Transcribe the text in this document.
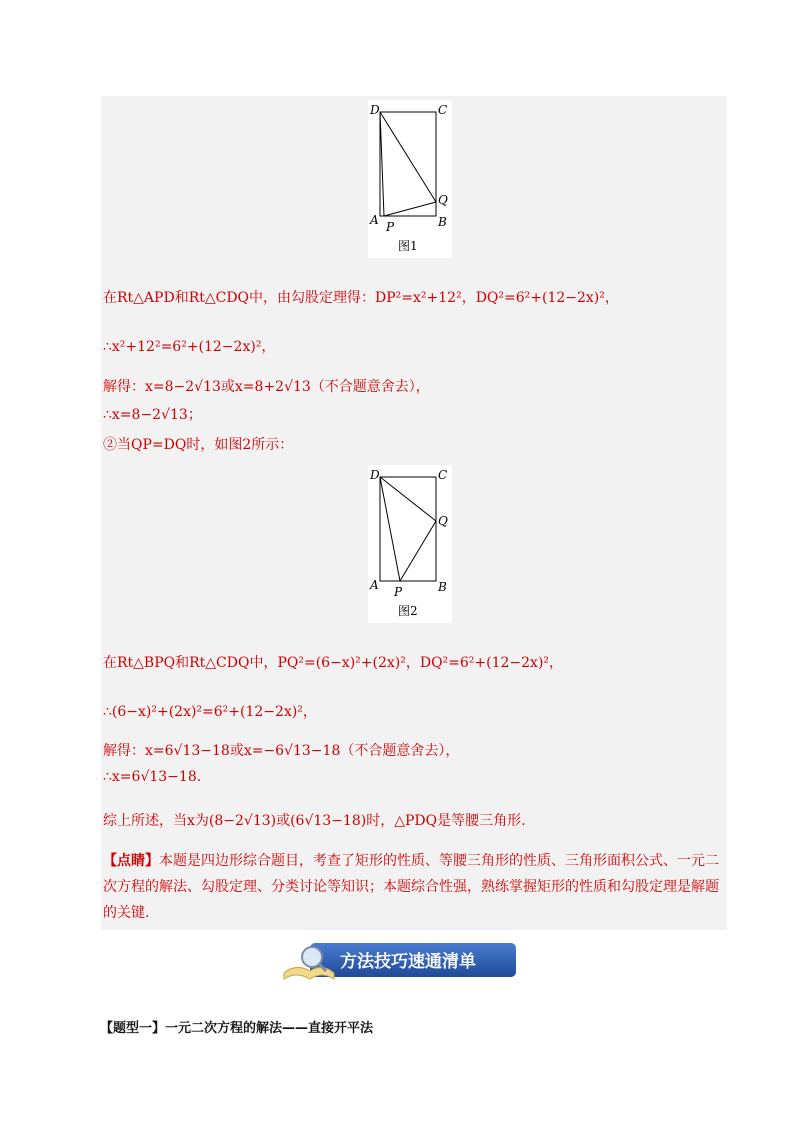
D	C
A P	B
Q
图1
D	C
A P	B
Q
图2
在Rt△APD和Rt△CDQ中，由勾股定理得：DP²=x²+12²，DQ²=6²+(12−2x)²，
∴x²+12²=6²+(12−2x)²，
解得：x=8−2√13或x=8+2√13（不合题意舍去），
∴x=8−2√13；
②当QP=DQ时，如图2所示：
在Rt△BPQ和Rt△CDQ中，PQ²=(6−x)²+(2x)²，DQ²=6²+(12−2x)²，
∴(6−x)²+(2x)²=6²+(12−2x)²，
解得：x=6√13−18或x=−6√13−18（不合题意舍去），
∴x=6√13−18.
综上所述，当x为(8−2√13)或(6√13−18)时，△PDQ是等腰三角形.
【点睛】本题是四边形综合题目，考查了矩形的性质、等腰三角形的性质、三角形面积公式、一元二次方程的解法、勾股定理、分类讨论等知识；本题综合性强，熟练掌握矩形的性质和勾股定理是解题的关键.
方法技巧速通清单
【题型一】一元二次方程的解法——直接开平法
